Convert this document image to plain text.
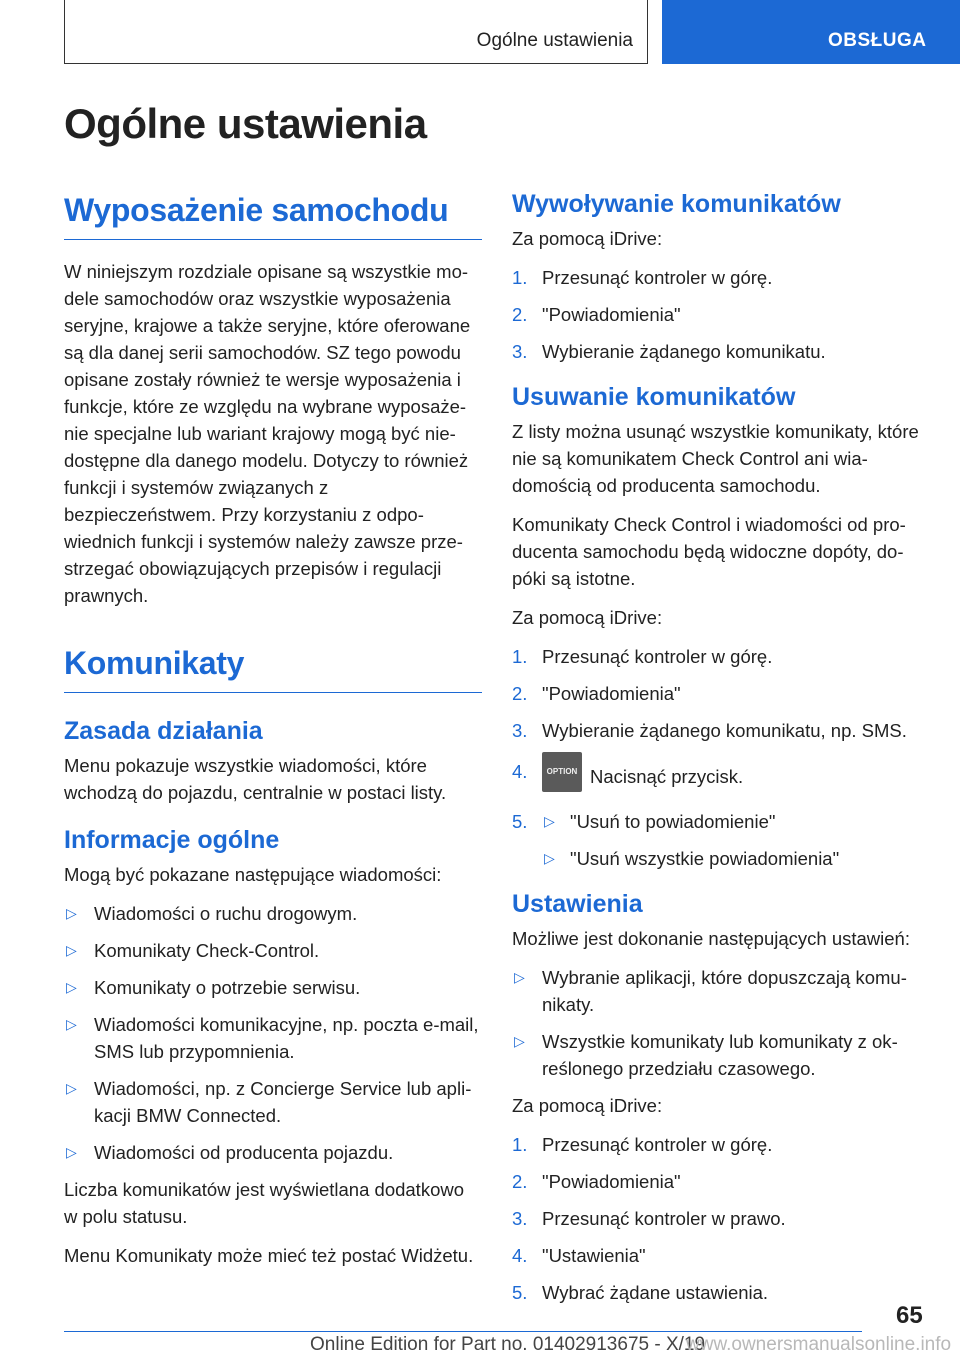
Ogólne ustawienia	OBSŁUGA
Ogólne ustawienia
Wyposażenie samochodu

W niniejszym rozdziale opisane są wszystkie modele samochodów oraz wszystkie wyposażenia seryjne, krajowe a także seryjne, które oferowane są dla danej serii samochodów. SZ tego powodu opisane zostały również te wersje wyposażenia i funkcje, które ze względu na wybrane wyposażenie specjalne lub wariant krajowy mogą być niedostępne dla danego modelu. Dotyczy to również funkcji i systemów związanych z bezpieczeństwem. Przy korzystaniu z odpowiednich funkcji i systemów należy zawsze przestrzegać obowiązujących przepisów i regulacji prawnych.

Komunikaty
Zasada działania

Menu pokazuje wszystkie wiadomości, które wchodzą do pojazdu, centralnie w postaci listy.

Informacje ogólne

Mogą być pokazane następujące wiadomości:

▷ Wiadomości o ruchu drogowym.
▷ Komunikaty Check-Control.
▷ Komunikaty o potrzebie serwisu.
▷ Wiadomości komunikacyjne, np. poczta e-mail, SMS lub przypomnienia.
▷ Wiadomości, np. z Concierge Service lub aplikacji BMW Connected.
▷ Wiadomości od producenta pojazdu.

Liczba komunikatów jest wyświetlana dodatkowo w polu statusu.

Menu Komunikaty może mieć też postać Widżetu.

Wywoływanie komunikatów

Za pomocą iDrive:

1. Przesunąć kontroler w górę.
2. "Powiadomienia"
3. Wybieranie żądanego komunikatu.
Usuwanie komunikatów

Z listy można usunąć wszystkie komunikaty, które nie są komunikatem Check Control ani wiadomością od producenta samochodu.

Komunikaty Check Control i wiadomości od producenta samochodu będą widoczne dopóty, dopóki są istotne.

Za pomocą iDrive:

1. Przesunąć kontroler w górę.
2. "Powiadomienia"
3. Wybieranie żądanego komunikatu, np. SMS.
4. OPTION Nacisnąć przycisk.
5. ▷ "Usuń to powiadomienie"
▷ "Usuń wszystkie powiadomienia"
Ustawienia

Możliwe jest dokonanie następujących ustawień:

▷ Wybranie aplikacji, które dopuszczają komunikaty.
▷ Wszystkie komunikaty lub komunikaty z określonego przedziału czasowego.

Za pomocą iDrive:

1. Przesunąć kontroler w górę.
2. "Powiadomienia"
3. Przesunąć kontroler w prawo.
4. "Ustawienia"
5. Wybrać żądane ustawienia.
65
Online Edition for Part no. 01402913675 - X/19
www.ownersmanualsonline.info
